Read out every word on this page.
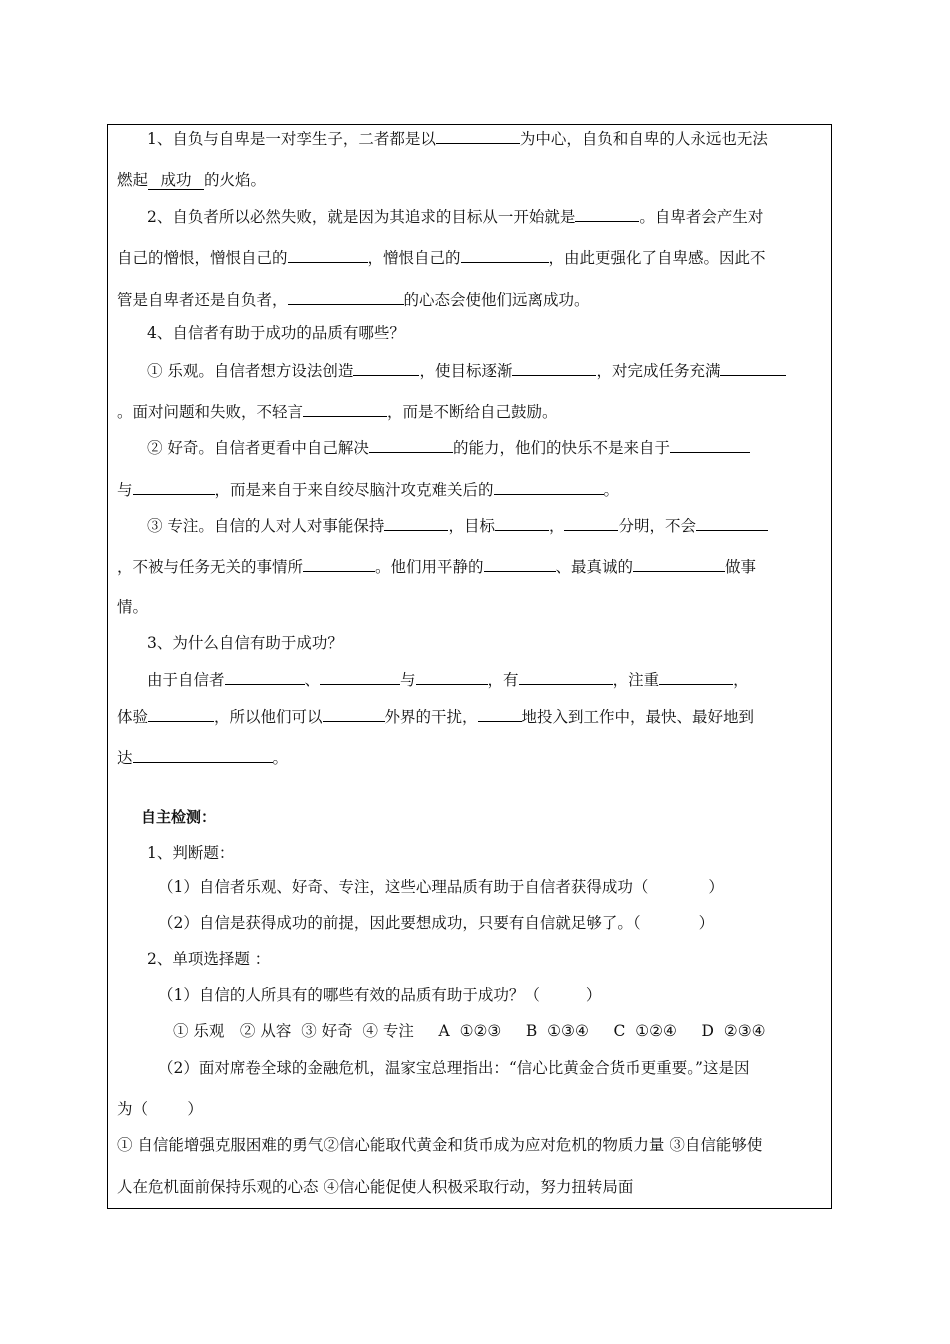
1、自负与自卑是一对孪生子，二者都是以	为中心，自负和自卑的人永远也无法
燃起 成功 的火焰。
2、自负者所以必然失败，就是因为其追求的目标从一开始就是	。自卑者会产生对
自己的憎恨，憎恨自己的	，憎恨自己的	，由此更强化了自卑感。因此不
管是自卑者还是自负者，	的心态会使他们远离成功。
4、自信者有助于成功的品质有哪些？
① 乐观。自信者想方设法创造	，使目标逐渐	，对完成任务充满
。面对问题和失败，不轻言	，而是不断给自己鼓励。
② 好奇。自信者更看中自己解决	的能力，他们的快乐不是来自于
与	，而是来自于来自绞尽脑汁攻克难关后的	。
③ 专注。自信的人对人对事能保持	，目标	，	分明，不会
，不被与任务无关的事情所	。他们用平静的	、最真诚的	做事
情。
3、为什么自信有助于成功？
由于自信者	、	与	，有	，注重	，
体验	，所以他们可以	外界的干扰，	地投入到工作中，最快、最好地到
达	。
自主检测：
1、判断题：
（1）自信者乐观、好奇、专注，这些心理品质有助于自信者获得成功（	）
（2）自信是获得成功的前提，因此要想成功，只要有自信就足够了。（	）
2、单项选择题 ：
（1）自信的人所具有的哪些有效的品质有助于成功？（	）
① 乐观　② 从容  ③ 好奇  ④ 专注     A  ①②③     B  ①③④     C  ①②④     D  ②③④
（2）面对席卷全球的金融危机，温家宝总理指出：“信心比黄金合货币更重要。”这是因
为（        ）
① 自信能增强克服困难的勇气②信心能取代黄金和货币成为应对危机的物质力量 ③自信能够使
人在危机面前保持乐观的心态 ④信心能促使人积极采取行动，努力扭转局面
